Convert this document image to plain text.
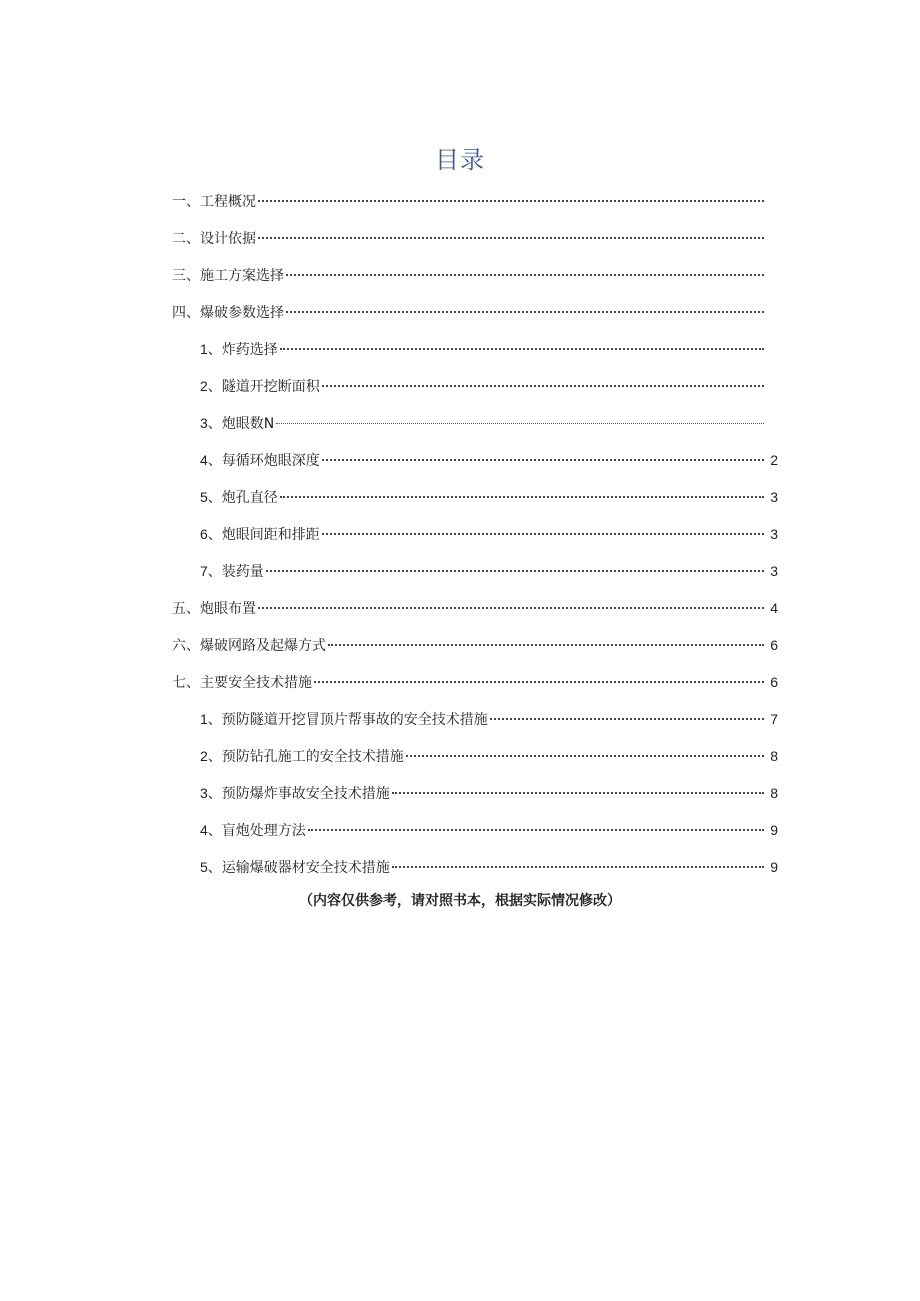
目录
一、 工程概况
二、 设计依据
三、 施工方案选择
四、 爆破参数选择
1、 炸药选择
2、 隧道开挖断面积
3、 炮眼数N
4、 每循环炮眼深度	2
5、 炮孔直径	3
6、 炮眼间距和排距	3
7、 装药量	3
五、 炮眼布置	4
六、 爆破网路及起爆方式	6
七、 主要安全技术措施	6
1、 预防隧道开挖冒顶片帮事故的安全技术措施	7
2、 预防钻孔施工的安全技术措施	8
3、 预防爆炸事故安全技术措施	8
4、 盲炮处理方法	9
5、 运输爆破器材安全技术措施	9
（内容仅供参考，请对照书本，根据实际情况修改）
